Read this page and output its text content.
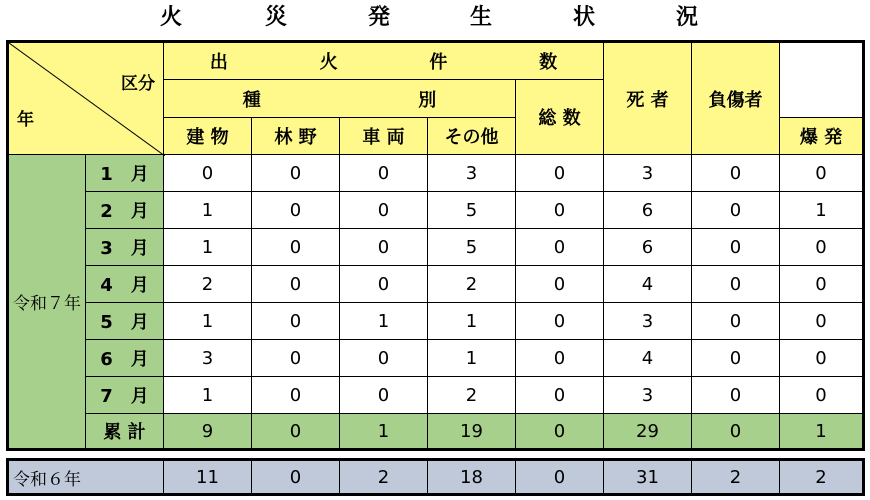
火	災	発	生	状	況
区分
年		出 火 件 数					死 者	負傷者	

		種 別				総 数			
		建 物	林 野	車 両	その他				爆 発
令和７年	1　月	0	0	0	3	0	3	0	0
	2　月	1	0	0	5	0	6	0	1
	3　月	1	0	0	5	0	6	0	0
	4　月	2	0	0	2	0	4	0	0
	5　月	1	0	1	1	0	3	0	0
	6　月	3	0	0	1	0	4	0	0
	7　月	1	0	0	2	0	3	0	0
	累 計	9	0	1	19	0	29	0	1
令和６年	11	0	2	18	0	31	2	2
